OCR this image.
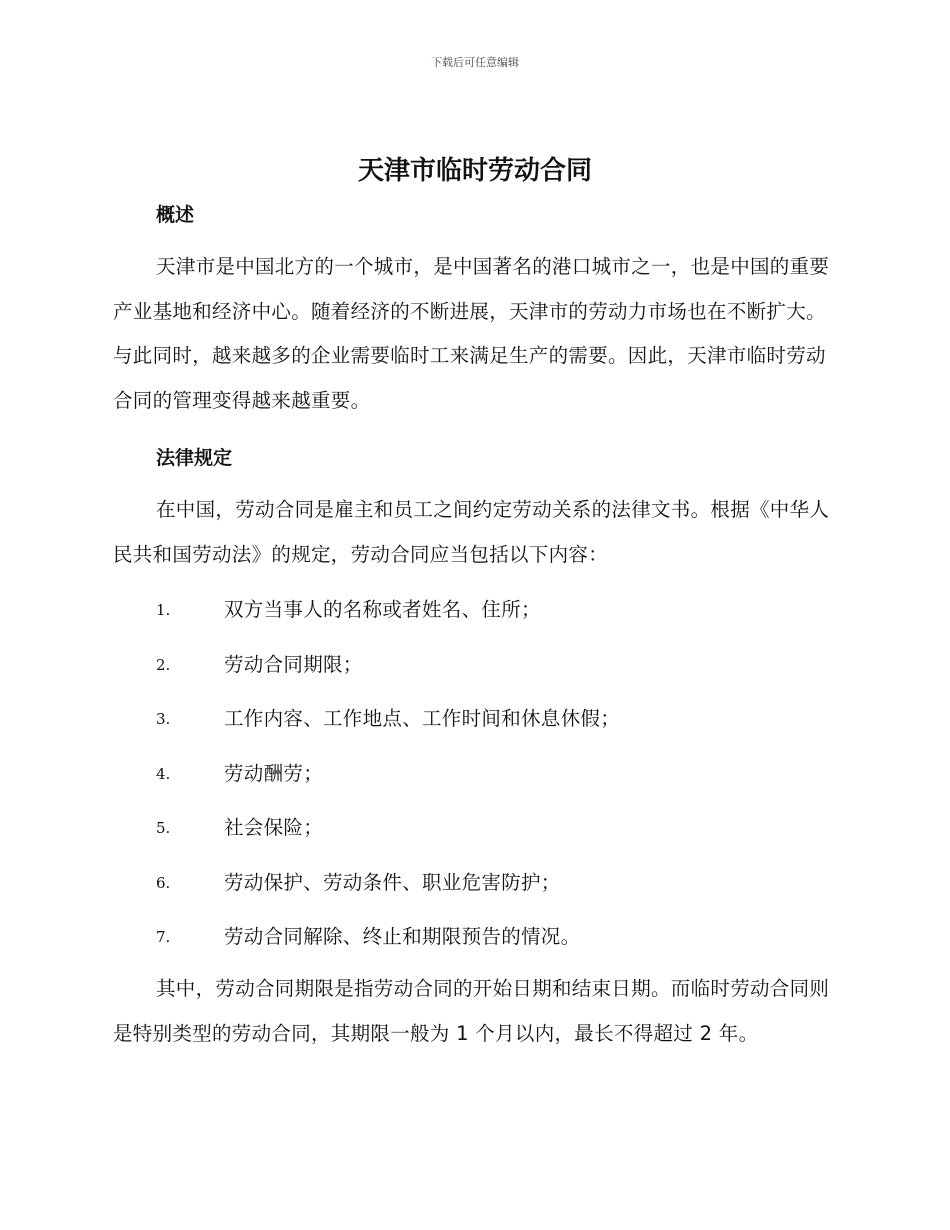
下载后可任意编辑
天津市临时劳动合同
概述

天津市是中国北方的一个城市，是中国著名的港口城市之一，也是中国的重要产业基地和经济中心。随着经济的不断进展，天津市的劳动力市场也在不断扩大。与此同时，越来越多的企业需要临时工来满足生产的需要。因此，天津市临时劳动合同的管理变得越来越重要。

法律规定

在中国，劳动合同是雇主和员工之间约定劳动关系的法律文书。根据《中华人民共和国劳动法》的规定，劳动合同应当包括以下内容：

1.	双方当事人的名称或者姓名、住所；
2.	劳动合同期限；
3.	工作内容、工作地点、工作时间和休息休假；
4.	劳动酬劳；
5.	社会保险；
6.	劳动保护、劳动条件、职业危害防护；
7.	劳动合同解除、终止和期限预告的情况。

其中，劳动合同期限是指劳动合同的开始日期和结束日期。而临时劳动合同则是特别类型的劳动合同，其期限一般为 1 个月以内，最长不得超过 2 年。
